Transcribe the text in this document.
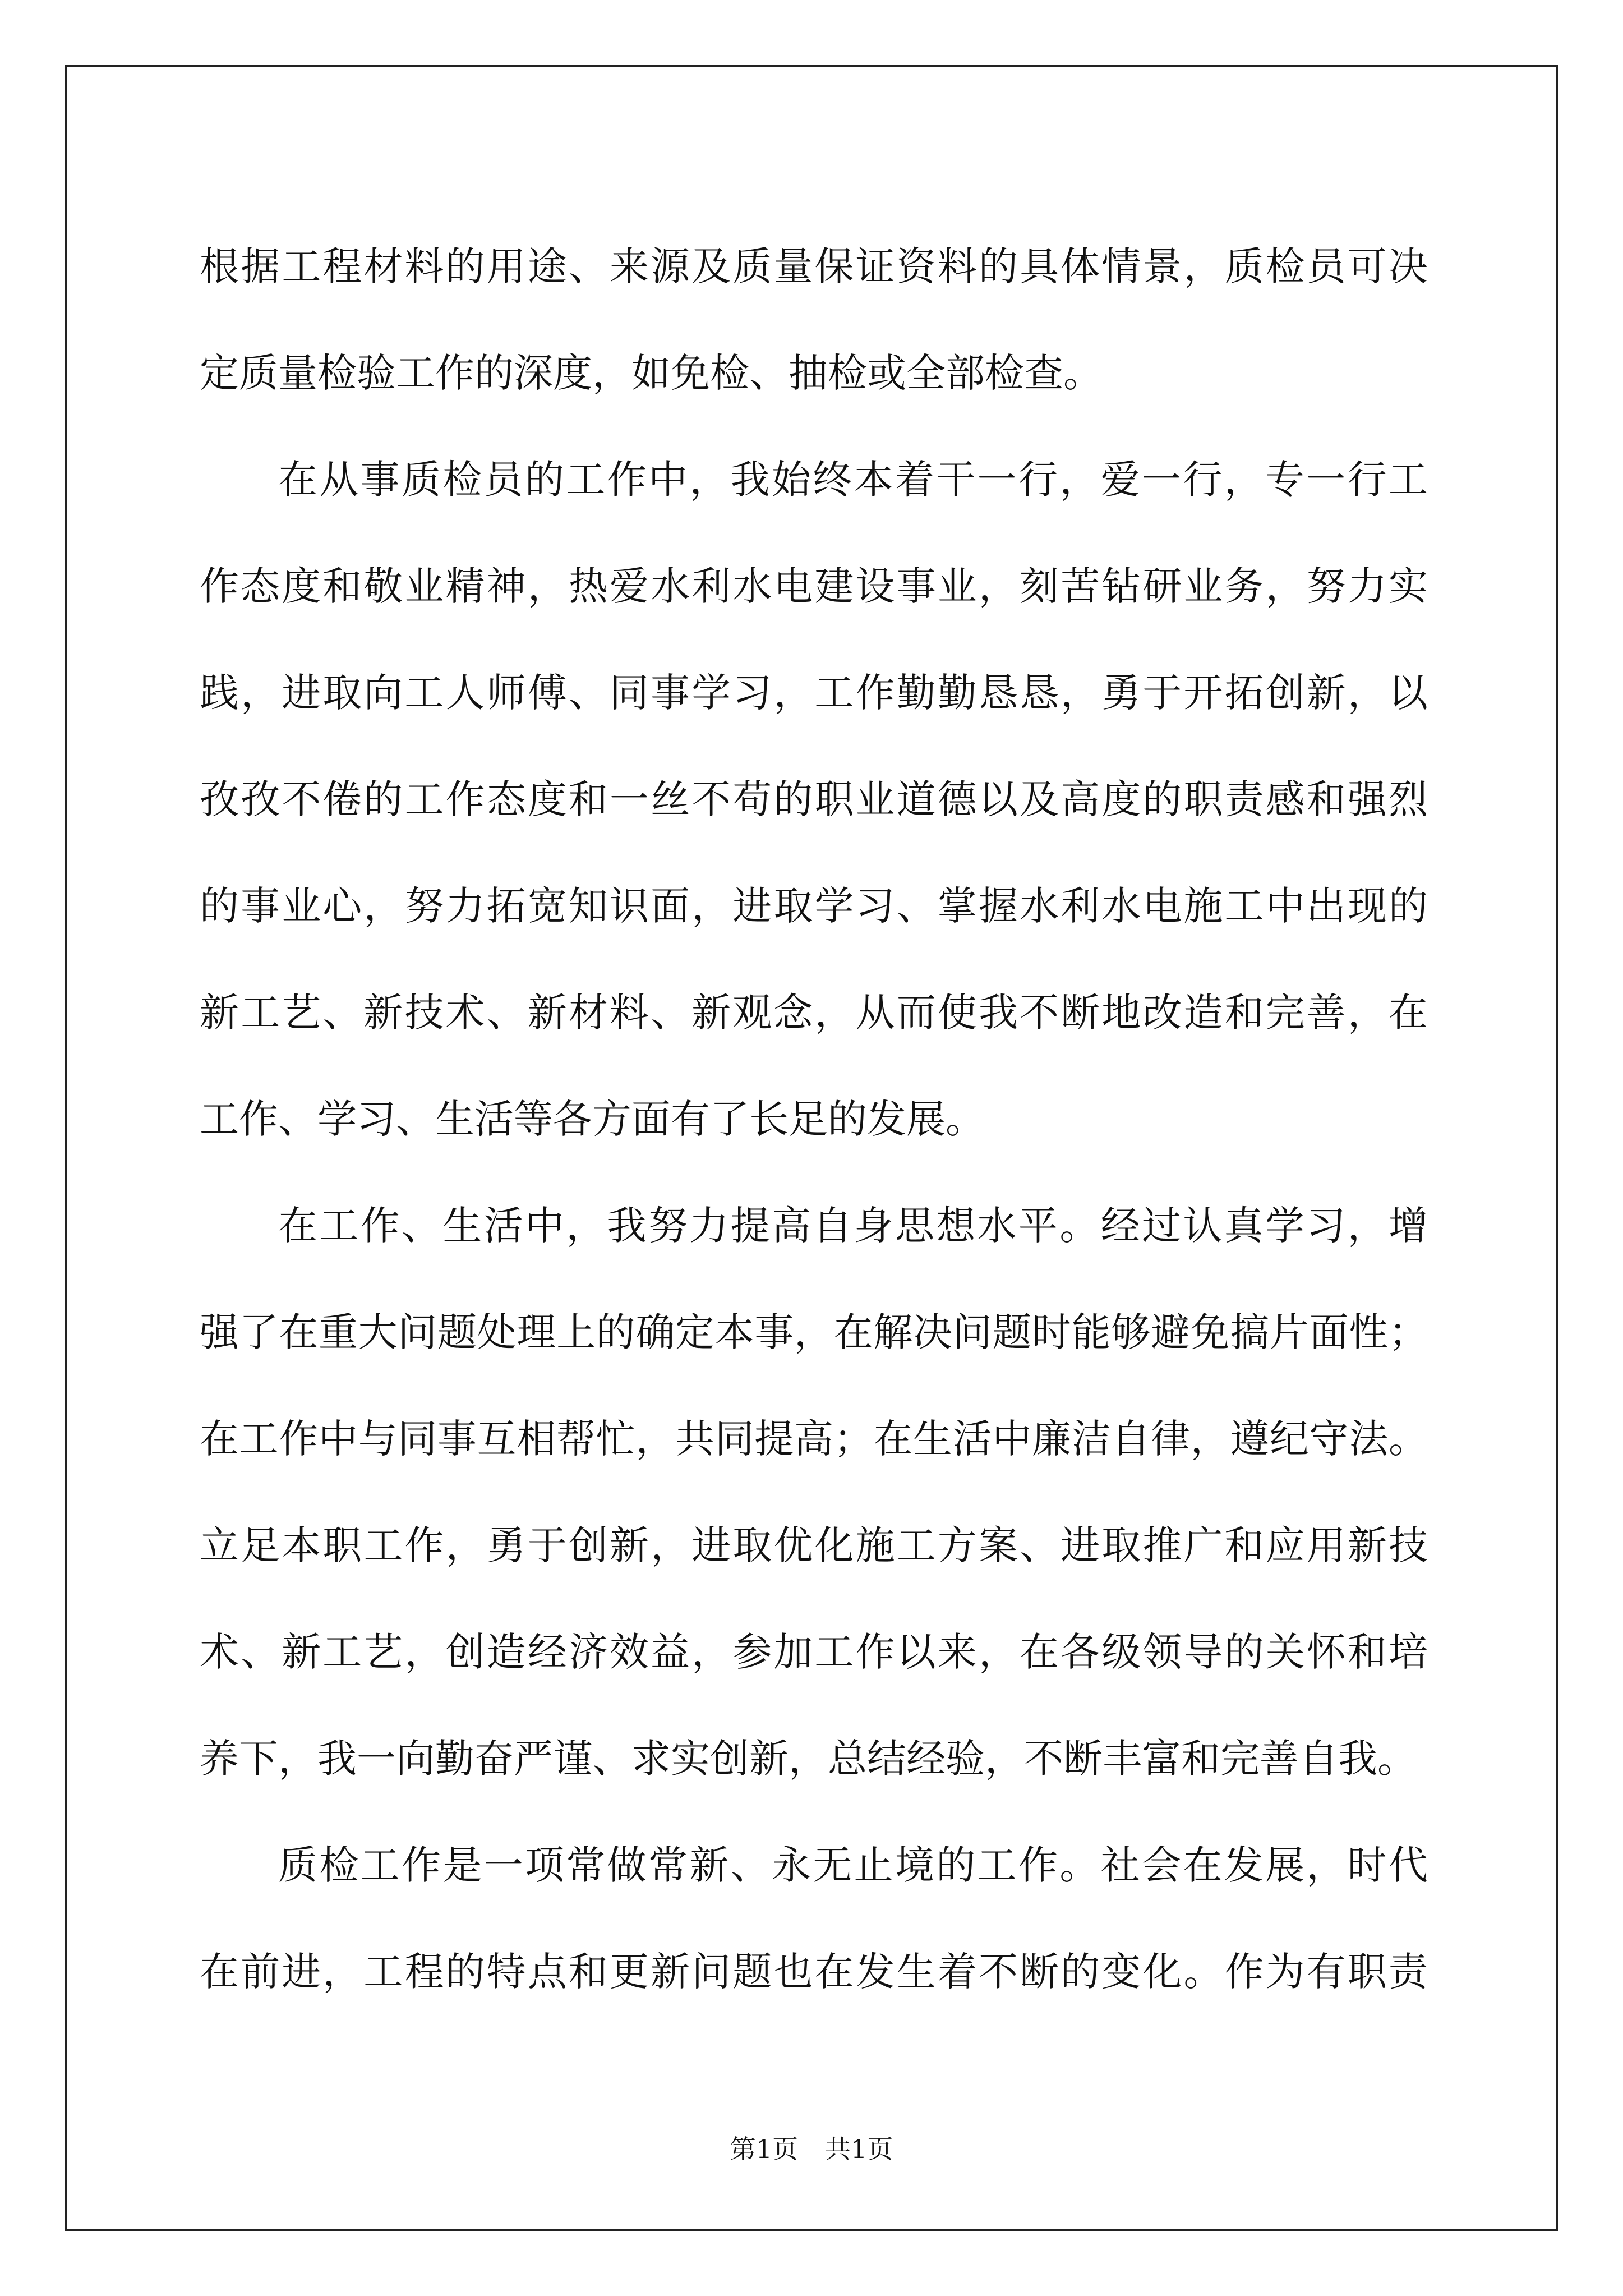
根据工程材料的用途、来源及质量保证资料的具体情景，质检员可决
定质量检验工作的深度，如免检、抽检或全部检查。
在从事质检员的工作中，我始终本着干一行，爱一行，专一行工
作态度和敬业精神，热爱水利水电建设事业，刻苦钻研业务，努力实
践，进取向工人师傅、同事学习，工作勤勤恳恳，勇于开拓创新，以
孜孜不倦的工作态度和一丝不苟的职业道德以及高度的职责感和强烈
的事业心，努力拓宽知识面，进取学习、掌握水利水电施工中出现的
新工艺、新技术、新材料、新观念，从而使我不断地改造和完善，在
工作、学习、生活等各方面有了长足的发展。
在工作、生活中，我努力提高自身思想水平。经过认真学习，增
强了在重大问题处理上的确定本事，在解决问题时能够避免搞片面性；
在工作中与同事互相帮忙，共同提高；在生活中廉洁自律，遵纪守法。
立足本职工作，勇于创新，进取优化施工方案、进取推广和应用新技
术、新工艺，创造经济效益，参加工作以来，在各级领导的关怀和培
养下，我一向勤奋严谨、求实创新，总结经验，不断丰富和完善自我。
质检工作是一项常做常新、永无止境的工作。社会在发展，时代
在前进，工程的特点和更新问题也在发生着不断的变化。作为有职责
第1页 共1页
